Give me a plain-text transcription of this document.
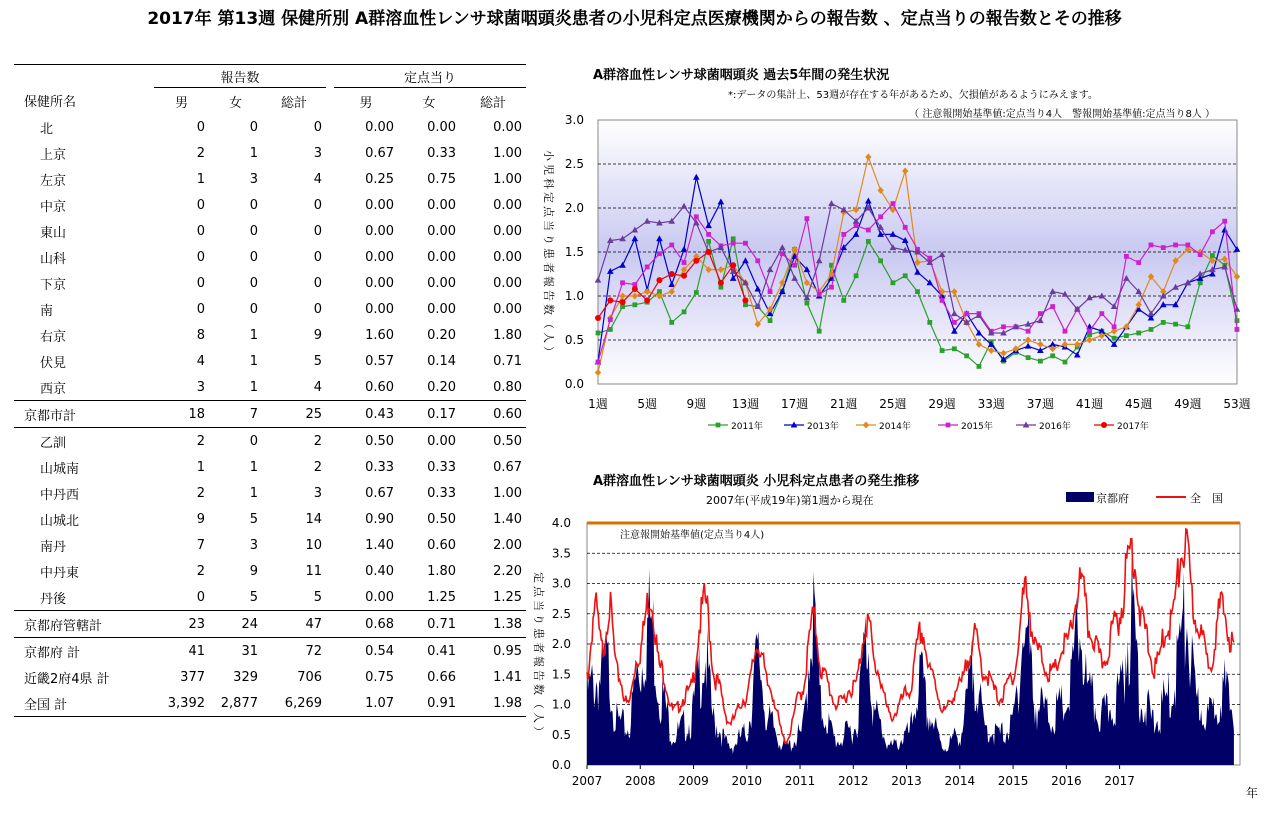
2017年 第13週 保健所別 A群溶血性レンサ球菌咽頭炎患者の小児科定点医療機関からの報告数 、定点当りの報告数とその推移
	報告数				定点当り		
保健所名	男	女	総計		男	女	総計
北	0	0	0		0.00	0.00	0.00
上京	2	1	3		0.67	0.33	1.00
左京	1	3	4		0.25	0.75	1.00
中京	0	0	0		0.00	0.00	0.00
東山	0	0	0		0.00	0.00	0.00
山科	0	0	0		0.00	0.00	0.00
下京	0	0	0		0.00	0.00	0.00
南	0	0	0		0.00	0.00	0.00
右京	8	1	9		1.60	0.20	1.80
伏見	4	1	5		0.57	0.14	0.71
西京	3	1	4		0.60	0.20	0.80
京都市計	18	7	25		0.43	0.17	0.60
乙訓	2	0	2		0.50	0.00	0.50
山城南	1	1	2		0.33	0.33	0.67
中丹西	2	1	3		0.67	0.33	1.00
山城北	9	5	14		0.90	0.50	1.40
南丹	7	3	10		1.40	0.60	2.00
中丹東	2	9	11		0.40	1.80	2.20
丹後	0	5	5		0.00	1.25	1.25
京都府管轄計	23	24	47		0.68	0.71	1.38
京都府 計	41	31	72		0.54	0.41	0.95
近畿2府4県 計	377	329	706		0.75	0.66	1.41
全国 計	3,392	2,877	6,269		1.07	0.91	1.98
A群溶血性レンサ球菌咽頭炎 過去5年間の発生状況
*:データの集計上、53週が存在する年があるため、欠損値があるようにみえます。
（ 注意報開始基準値:定点当り4人　警報開始基準値:定点当り8人 ）
小児科定点当り患者報告数（人）
0.0
0.5
1.0
1.5
2.0
2.5
3.0
1週 5週 9週 13週 17週 21週 25週 29週 33週 37週 41週 45週 49週 53週
2011年	2013年	2014年	2015年	2016年	2017年
A群溶血性レンサ球菌咽頭炎 小児科定点患者の発生推移
2007年(平成19年)第1週から現在
定点当り患者報告数（人）
年
0.0
0.5
1.0
1.5
2.0
2.5
3.0
3.5
4.0
2007 2008 2009 2010 2011 2012 2013 2014 2015 2016 2017
注意報開始基準値(定点当り4人)
京都府	全　国
